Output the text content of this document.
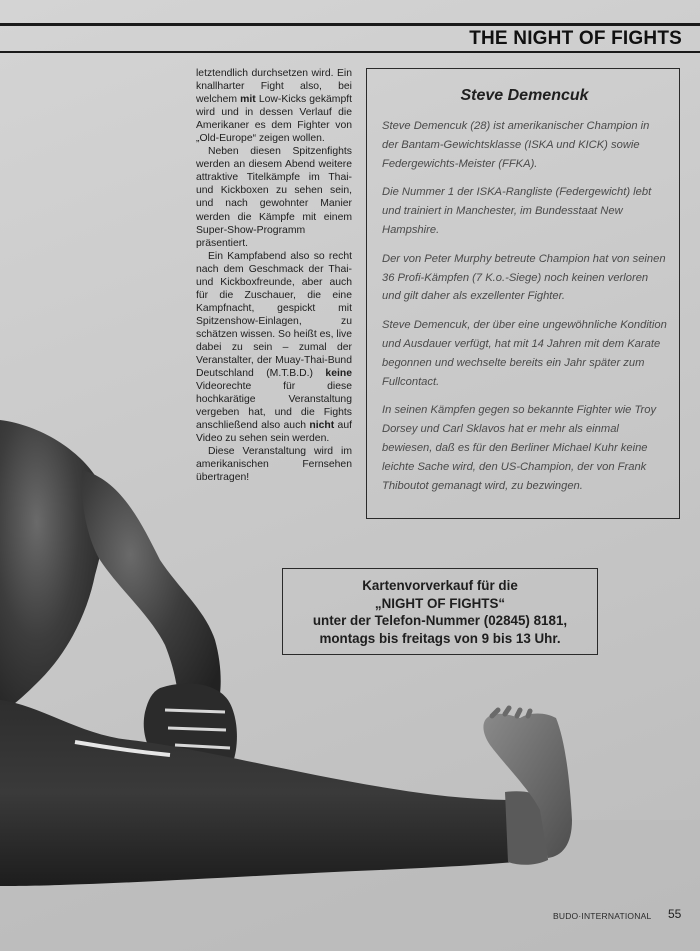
THE NIGHT OF FIGHTS

letztendlich durchsetzen wird. Ein knallharter Fight also, bei welchem mit Low-Kicks gekämpft wird und in dessen Verlauf die Amerikaner es dem Fighter von „Old-Europe“ zeigen wollen.

Neben diesen Spitzenfights werden an diesem Abend weitere attraktive Titelkämpfe im Thai- und Kickboxen zu sehen sein, und nach gewohnter Manier werden die Kämpfe mit einem Super-Show-Programm präsentiert.

Ein Kampfabend also so recht nach dem Geschmack der Thai- und Kickboxfreunde, aber auch für die Zuschauer, die eine Kampfnacht, gespickt mit Spitzenshow-Einlagen, zu schätzen wissen. So heißt es, live dabei zu sein – zumal der Veranstalter, der Muay-Thai-Bund Deutschland (M.T.B.D.) keine Videorechte für diese hochkarätige Veranstaltung vergeben hat, und die Fights anschließend also auch nicht auf Video zu sehen sein werden.

Diese Veranstaltung wird im amerikanischen Fernsehen übertragen!

Steve Demencuk

Steve Demencuk (28) ist amerikanischer Champion in der Bantam-Gewichtsklasse (ISKA und KICK) sowie Federgewichts-Meister (FFKA).

Die Nummer 1 der ISKA-Rangliste (Federgewicht) lebt und trainiert in Manchester, im Bundesstaat New Hampshire.

Der von Peter Murphy betreute Champion hat von seinen 36 Profi-Kämpfen (7 K.o.-Siege) noch keinen verloren und gilt daher als exzellenter Fighter.

Steve Demencuk, der über eine ungewöhnliche Kondition und Ausdauer verfügt, hat mit 14 Jahren mit dem Karate begonnen und wechselte bereits ein Jahr später zum Fullcontact.

In seinen Kämpfen gegen so bekannte Fighter wie Troy Dorsey und Carl Sklavos hat er mehr als einmal bewiesen, daß es für den Berliner Michael Kuhr keine leichte Sache wird, den US-Champion, der von Frank Thiboutot gemanagt wird, zu bezwingen.

Kartenvorverkauf für die
„NIGHT OF FIGHTS“
unter der Telefon-Nummer (02845) 8181,
montags bis freitags von 9 bis 13 Uhr.
BUDO·INTERNATIONAL 55
